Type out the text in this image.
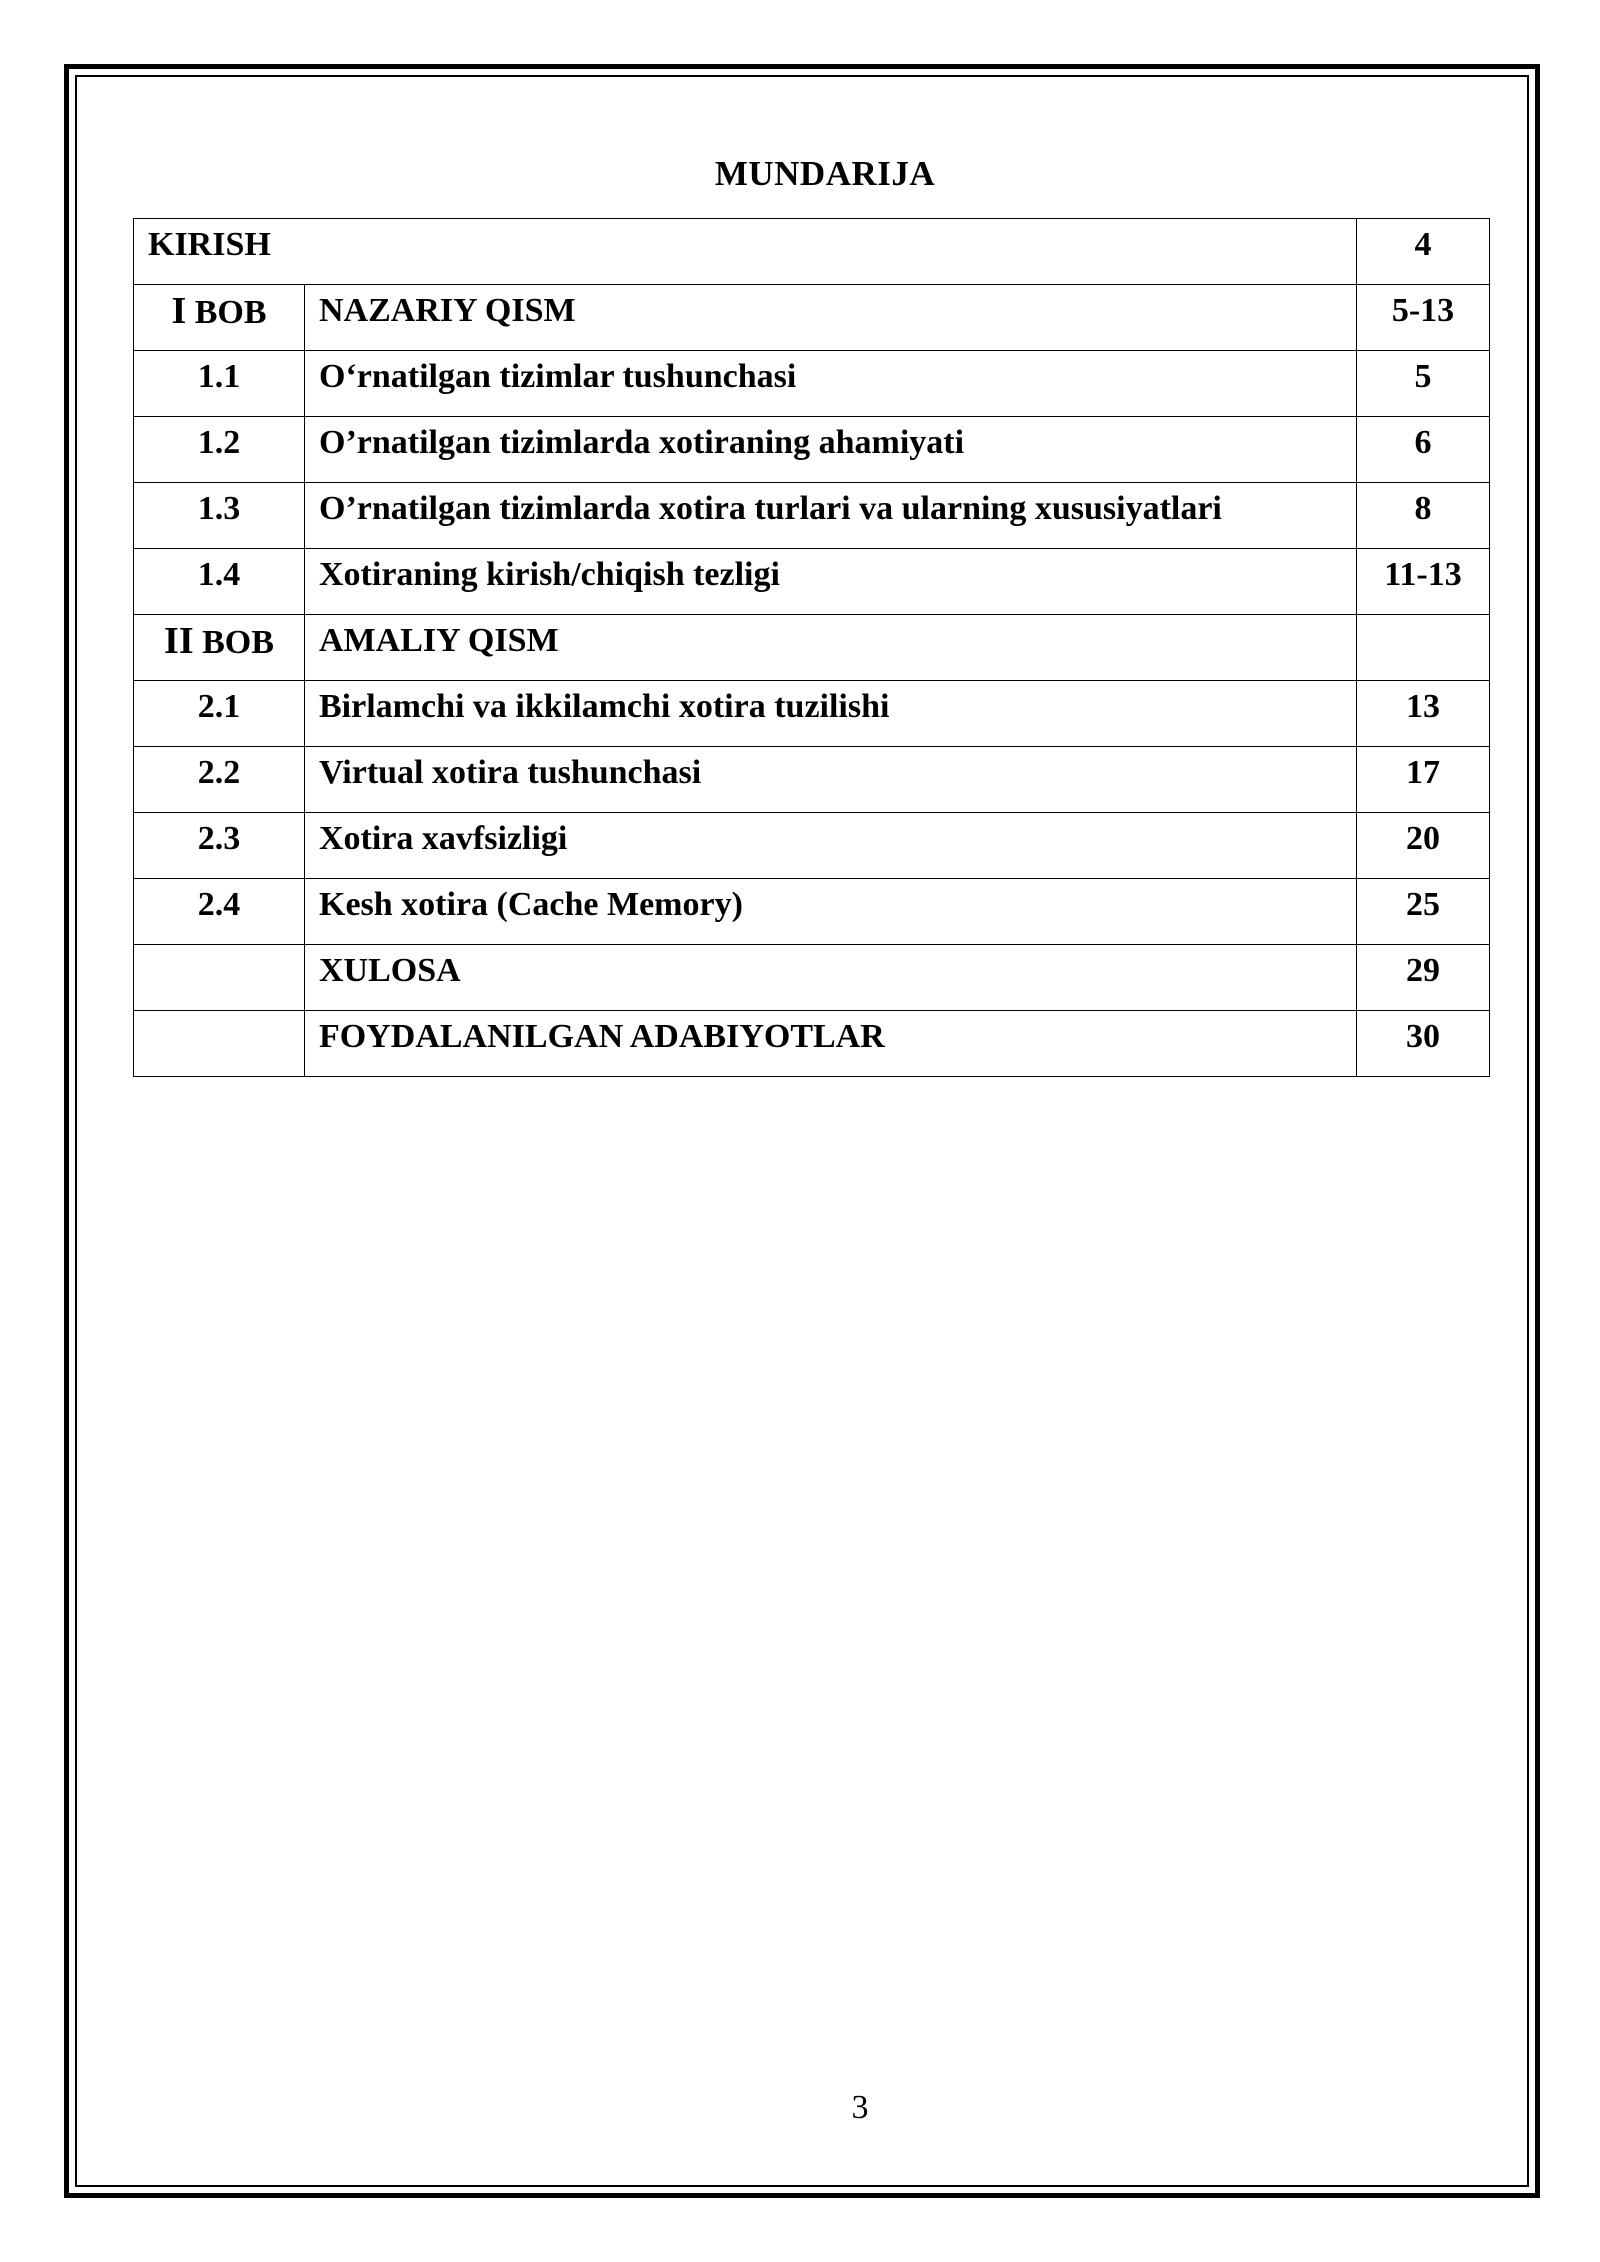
MUNDARIJA
KIRISH		4
I BOB	NAZARIY QISM	5-13
1.1	O‘rnatilgan tizimlar tushunchasi	5
1.2	O’rnatilgan tizimlarda xotiraning ahamiyati	6
1.3	O’rnatilgan tizimlarda xotira turlari va ularning xususiyatlari	8
1.4	Xotiraning kirish/chiqish tezligi	11-13
II BOB	AMALIY QISM	
2.1	Birlamchi va ikkilamchi xotira tuzilishi	13
2.2	Virtual xotira tushunchasi	17
2.3	Xotira xavfsizligi	20
2.4	Kesh xotira (Cache Memory)	25
	XULOSA	29
	FOYDALANILGAN ADABIYOTLAR	30
3
